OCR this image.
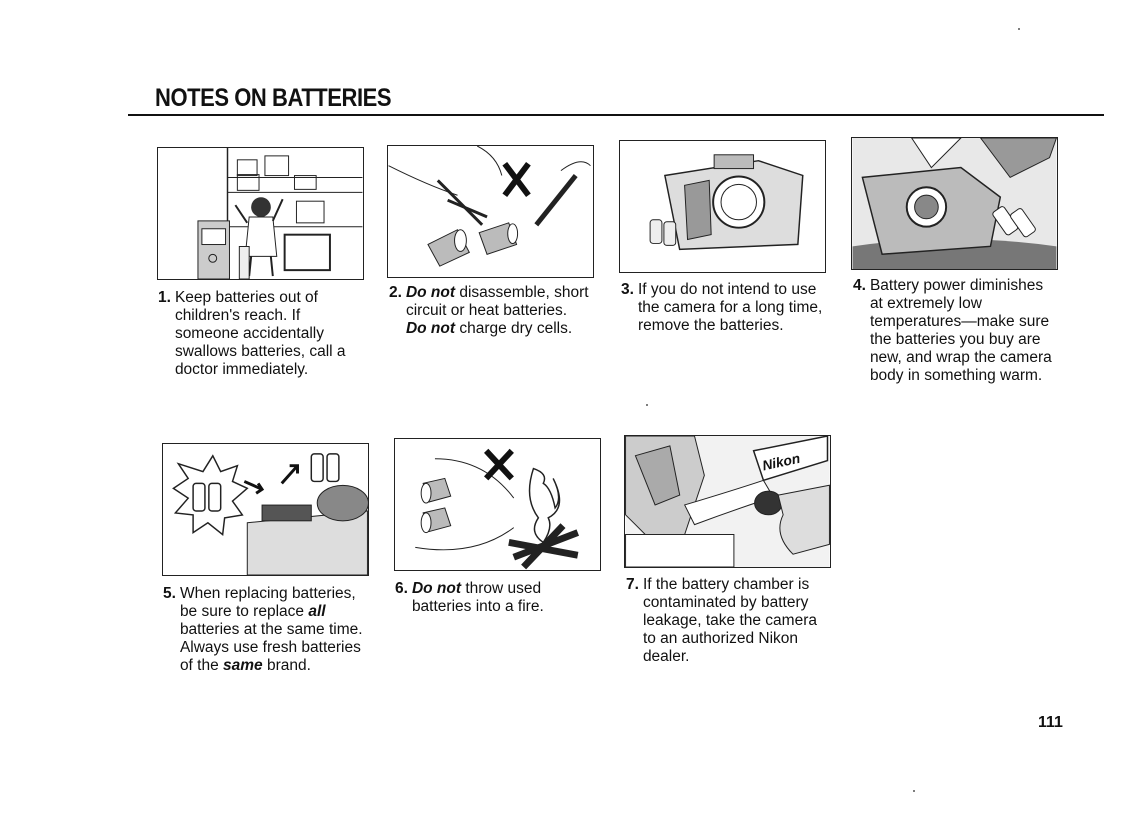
NOTES ON BATTERIES
Nikon
1. Keep batteries out of
children's reach. If
someone accidentally
swallows batteries, call a
doctor immediately.
2. Do not disassemble, short
circuit or heat batteries.
Do not charge dry cells.
3. If you do not intend to use
the camera for a long time,
remove the batteries.
4. Battery power diminishes
at extremely low
temperatures—make sure
the batteries you buy are
new, and wrap the camera
body in something warm.
5. When replacing batteries,
be sure to replace all
batteries at the same time.
Always use fresh batteries
of the same brand.
6. Do not throw used
batteries into a fire.
7. If the battery chamber is
contaminated by battery
leakage, take the camera
to an authorized Nikon
dealer.
111
